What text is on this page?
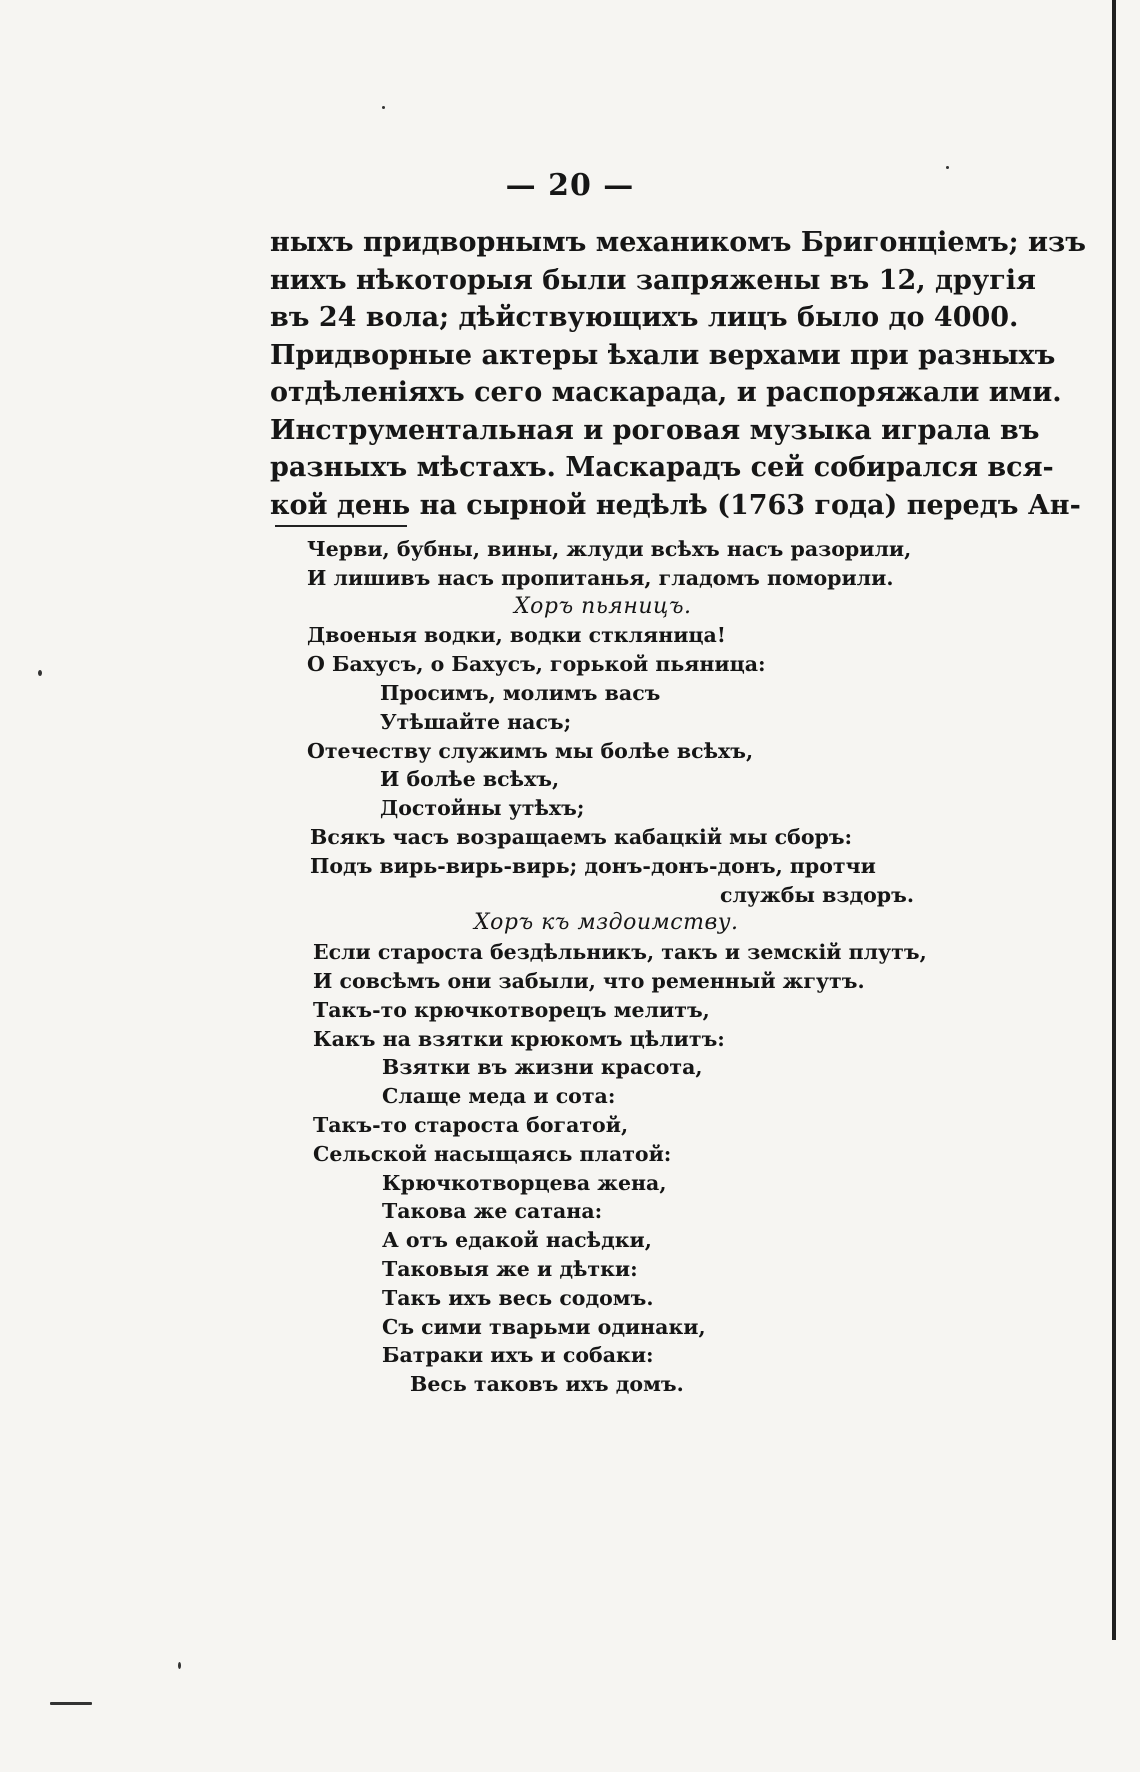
— 20 —
ныхъ придворнымъ механикомъ Бригонціемъ; изъ
нихъ нѣкоторыя были запряжены въ 12, другія
въ 24 вола; дѣйствующихъ лицъ было до 4000.
Придворные актеры ѣхали верхами при разныхъ
отдѣленіяхъ сего маскарада, и распоряжали ими.
Инструментальная и роговая музыка играла въ
разныхъ мѣстахъ. Маскарадъ сей собирался вся-
кой день на сырной недѣлѣ (1763 года) передъ Ан-
Черви, бубны, вины, жлуди всѣхъ насъ разорили,
И лишивъ насъ пропитанья, гладомъ поморили.
Хоръ пьяницъ.
Двоеныя водки, водки сткляница!
О Бахусъ, о Бахусъ, горькой пьяница:
Просимъ, молимъ васъ
Утѣшайте насъ;
Отечеству служимъ мы болѣе всѣхъ,
И болѣе всѣхъ,
Достойны утѣхъ;
Всякъ часъ возращаемъ кабацкій мы сборъ:
Подъ вирь-вирь-вирь; донъ-донъ-донъ, протчи
службы вздоръ.
Хоръ къ мздоимству.
Если староста бездѣльникъ, такъ и земскій плутъ,
И совсѣмъ они забыли, что ременный жгутъ.
Такъ-то крючкотворецъ мелитъ,
Какъ на взятки крюкомъ цѣлитъ:
Взятки въ жизни красота,
Слаще меда и сота:
Такъ-то староста богатой,
Сельской насыщаясь платой:
Крючкотворцева жена,
Такова же сатана:
А отъ едакой насѣдки,
Таковыя же и дѣтки:
Такъ ихъ весь содомъ.
Съ сими тварьми одинаки,
Батраки ихъ и собаки:
Весь таковъ ихъ домъ.
